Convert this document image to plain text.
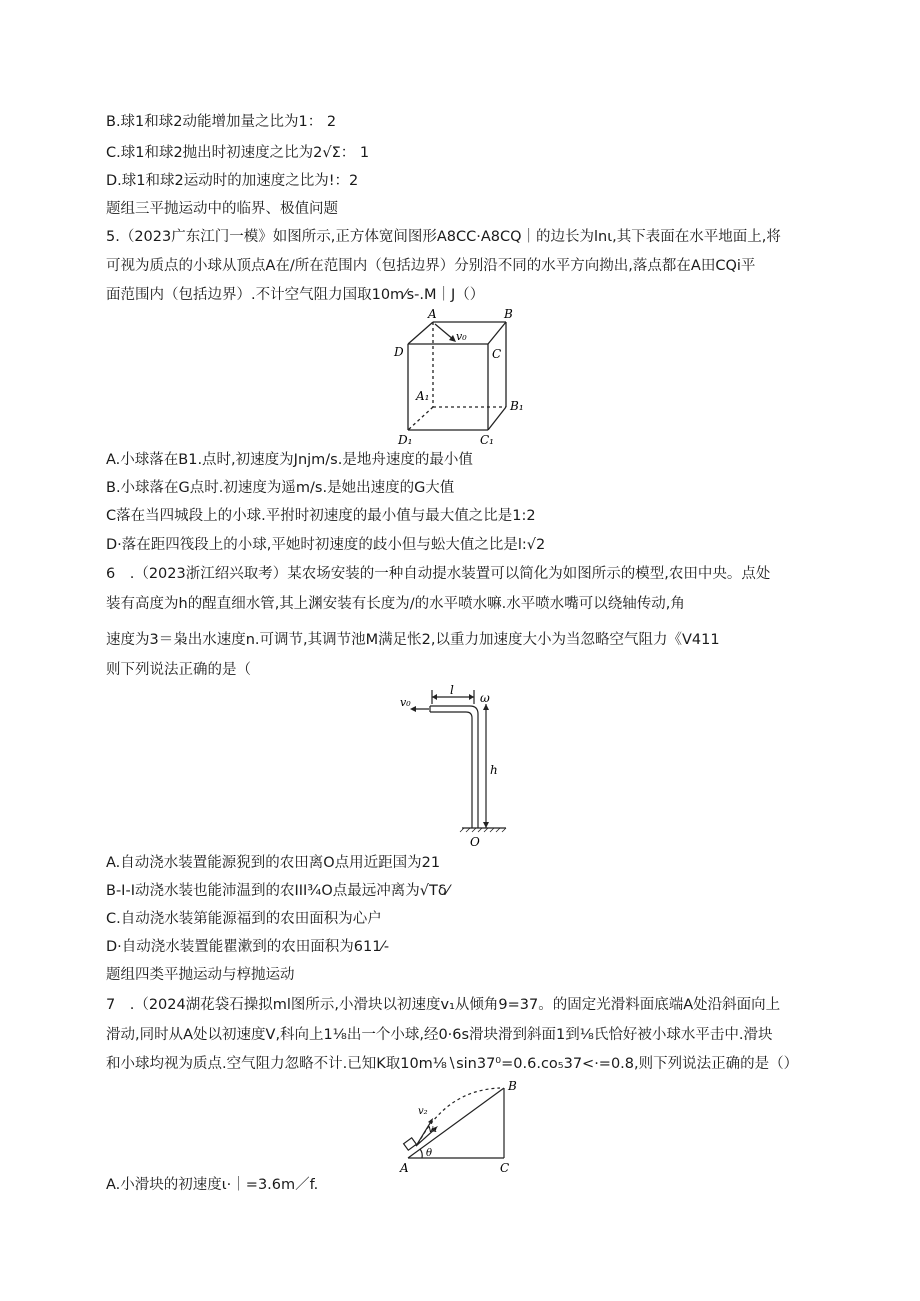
B.球1和球2动能增加量之比为1： 2
C.球1和球2抛出时初速度之比为2√Σ： 1
D.球1和球2运动时的加速度之比为!：2
题组三平抛运动中的临界、极值问题
5.（2023广东江门一模》如图所示,正方体宽间图形A8CC·A8CQ｜的边长为lnι,其下表面在水平地面上,将
可视为质点的小球从顶点A在/所在范围内（包括边界）分别沿不同的水平方向拗出,落点都在A田CQi平
面范围内（包括边界）.不计空气阻力国取10m⁄s-.M｜J（）
A	B
C
D
A₁
B₁
C₁
D₁
v₀
A.小球落在B1.点时,初速度为Jnjm/s.是地舟速度的最小值
B.小球落在G点时.初速度为遥m/s.是她出速度的G大值
C落在当四城段上的小球.平拊时初速度的最小值与最大值之比是1:2
D·落在距四筏段上的小球,平她时初速度的歧小但与蚣大值之比是l:√2
6　.（2023浙江绍兴取考）某农场安装的一种自动提水装置可以简化为如图所示的模型,农田中央。点处
装有高度为h的酲直细水管,其上渊安装有长度为/的水平喷水嘛.水平喷水嘴可以绕轴传动,角
速度为3＝枭出水速度n.可调节,其调节池M满足怅2,以重力加速度大小为当忽略空气阻力《V411
则下列说法正确的是（
v₀
l
ω
h
O
A.自动浇水装置能源猊到的农田离O点用近距国为21
B-I-I动浇水装也能沛温到的农III¾O点最远冲离为√Tδ⁄
C.自动浇水装第能源福到的农田面积为心户
D·自动浇水装置能瞿漱到的农田面积为611⁄-
题组四类平抛运动与椁抛运动
7　.（2024湖花袋石操拟ml图所示,小滑块以初速度v₁从倾角9=37。的固定光滑料面底端A处沿斜面向上
滑动,同时从A处以初速度V,科向上1⅛出一个小球,经0·6s滑块滑到斜面1到⅛氏恰好被小球水平击中.滑块
和小球均视为质点.空气阻力忽略不计.已知K取10m⅛∖sin37⁰=0.6.co₅37<·=0.8,则下列说法正确的是（）
B
A	C
v₁
v₂
θ
A.小滑块的初速度ι·｜=3.6m／f.
